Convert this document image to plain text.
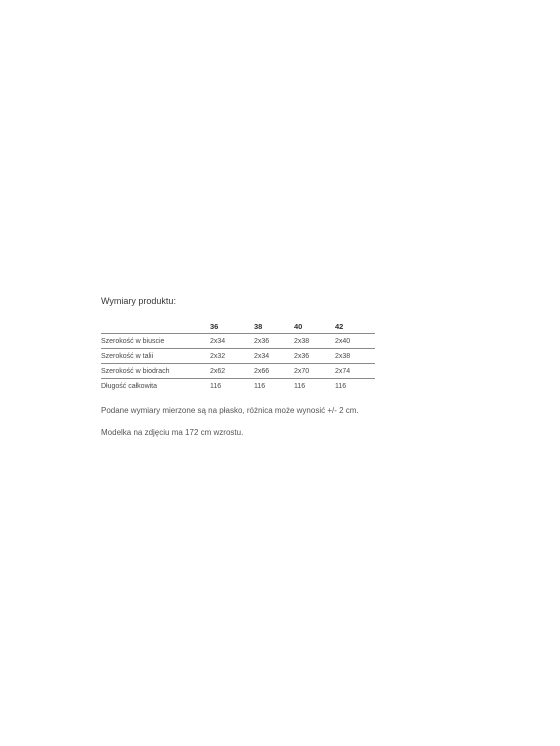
Wymiary produktu:

	36	38	40	42
Szerokość w biuscie	2x34	2x36	2x38	2x40
Szerokość w talii	2x32	2x34	2x36	2x38
Szerokość w biodrach	2x62	2x66	2x70	2x74
Długość całkowita	116	116	116	116

Podane wymiary mierzone są na płasko, różnica może wynosić +/- 2 cm.

Modelka na zdjęciu ma 172 cm wzrostu.
